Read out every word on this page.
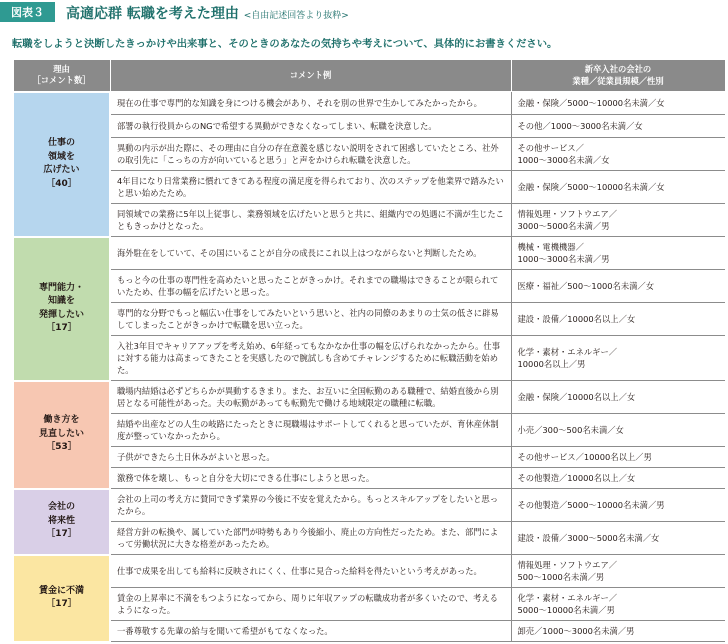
図表３	高適応群 転職を考えた理由 <自由記述回答より抜粋>
転職をしようと決断したきっかけや出来事と、そのときのあなたの気持ちや考えについて、具体的にお書きください。
理由
［コメント数］	コメント例	新卒入社の会社の
業種／従業員規模／性別
仕事の
領域を
広げたい
［40］	現在の仕事で専門的な知識を身につける機会があり、それを別の世界で生かしてみたかったから。	金融・保険／5000〜10000名未満／女
	部署の執行役員からのNGで希望する異動ができなくなってしまい、転職を決意した。	その他／1000〜3000名未満／女
	異動の内示が出た際に、その理由に自分の存在意義を感じない説明をされて困惑していたところ、社外の取引先に「こっちの方が向いていると思う」と声をかけられ転職を決意した。	その他サービス／
1000〜3000名未満／女
	4年目になり日常業務に慣れてきてある程度の満足度を得られており、次のステップを他業界で踏みたいと思い始めたため。	金融・保険／5000〜10000名未満／女
	同領域での業務に5年以上従事し、業務領域を広げたいと思うと共に、組織内での処遇に不満が生じたこともきっかけとなった。	情報処理・ソフトウエア／
3000〜5000名未満／男
専門能力・
知識を
発揮したい
［17］	海外駐在をしていて、その国にいることが自分の成長にこれ以上はつながらないと判断したため。	機械・電機機器／
1000〜3000名未満／男
	もっと今の仕事の専門性を高めたいと思ったことがきっかけ。それまでの職場はできることが限られていたため、仕事の幅を広げたいと思った。	医療・福祉／500〜1000名未満／女
	専門的な分野でもっと幅広い仕事をしてみたいという思いと、社内の同僚のあまりの士気の低さに辟易してしまったことがきっかけで転職を思い立った。	建設・設備／10000名以上／女
	入社3年目でキャリアアップを考え始め、6年経ってもなかなか仕事の幅を広げられなかったから。仕事に対する能力は高まってきたことを実感したので腕試しも含めてチャレンジするために転職活動を始めた。	化学・素材・エネルギー／
10000名以上／男
働き方を
見直したい
［53］	職場内結婚は必ずどちらかが異動するきまり。また、お互いに全国転勤のある職種で、結婚直後から別居となる可能性があった。夫の転勤があっても転勤先で働ける地域限定の職種に転職。	金融・保険／10000名以上／女
	結婚や出産などの人生の岐路にたったときに現職場はサポートしてくれると思っていたが、育休産休制度が整っていなかったから。	小売／300〜500名未満／女
	子供ができたら土日休みがよいと思った。	その他サービス／10000名以上／男
	激務で体を壊し、もっと自分を大切にできる仕事にしようと思った。	その他製造／10000名以上／女
会社の
将来性
［17］	会社の上司の考え方に賛同できず業界の今後に不安を覚えたから。もっとスキルアップをしたいと思ったから。	その他製造／5000〜10000名未満／男
	経営方針の転換や、属していた部門が時勢もあり今後縮小、廃止の方向性だったため。また、部門によって労働状況に大きな格差があったため。	建設・設備／3000〜5000名未満／女
賃金に不満
［17］	仕事で成果を出しても給料に反映されにくく、仕事に見合った給料を得たいという考えがあった。	情報処理・ソフトウエア／
500〜1000名未満／男
	賃金の上昇率に不満をもつようになってから、周りに年収アップの転職成功者が多くいたので、考えるようになった。	化学・素材・エネルギー／
5000〜10000名未満／男
	一番尊敬する先輩の給与を聞いて希望がもてなくなった。	卸売／1000〜3000名未満／男
